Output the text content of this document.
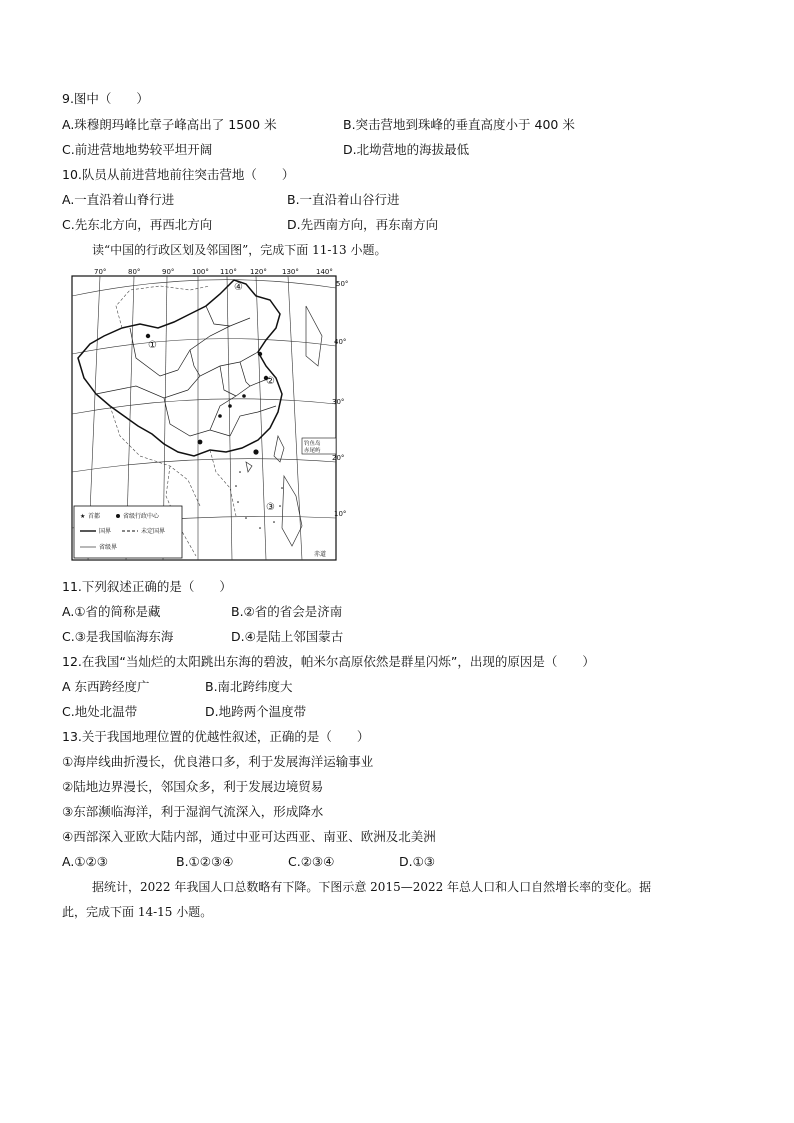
9.图中（　　）
A.珠穆朗玛峰比章子峰高出了 1500 米	B.突击营地到珠峰的垂直高度小于 400 米
C.前进营地地势较平坦开阔	D.北坳营地的海拔最低
10.队员从前进营地前往突击营地（　　）
A.一直沿着山脊行进	B.一直沿着山谷行进
C.先东北方向，再西北方向	D.先西南方向，再东南方向
读“中国的行政区划及邻国图”，完成下面 11-13 小题。
70°	80°	90°	100° 110° 120° 130° 140°
50°
40°
30°
20°
10°
①
②
③
④
钓鱼岛
赤尾屿
★ 首都	省级行政中心
国界	未定国界
省级界
赤道
11.下列叙述正确的是（　　）
A.①省的简称是藏	B.②省的省会是济南
C.③是我国临海东海	D.④是陆上邻国蒙古
12.在我国“当灿烂的太阳跳出东海的碧波，帕米尔高原依然是群星闪烁”，出现的原因是（　　）
A 东西跨经度广	B.南北跨纬度大
C.地处北温带	D.地跨两个温度带
13.关于我国地理位置的优越性叙述，正确的是（　　）
①海岸线曲折漫长，优良港口多，利于发展海洋运输事业
②陆地边界漫长，邻国众多，利于发展边境贸易
③东部濒临海洋，利于湿润气流深入，形成降水
④西部深入亚欧大陆内部，通过中亚可达西亚、南亚、欧洲及北美洲
A.①②③	B.①②③④	C.②③④	D.①③
据统计，2022 年我国人口总数略有下降。下图示意 2015—2022 年总人口和人口自然增长率的变化。据
此，完成下面 14-15 小题。
